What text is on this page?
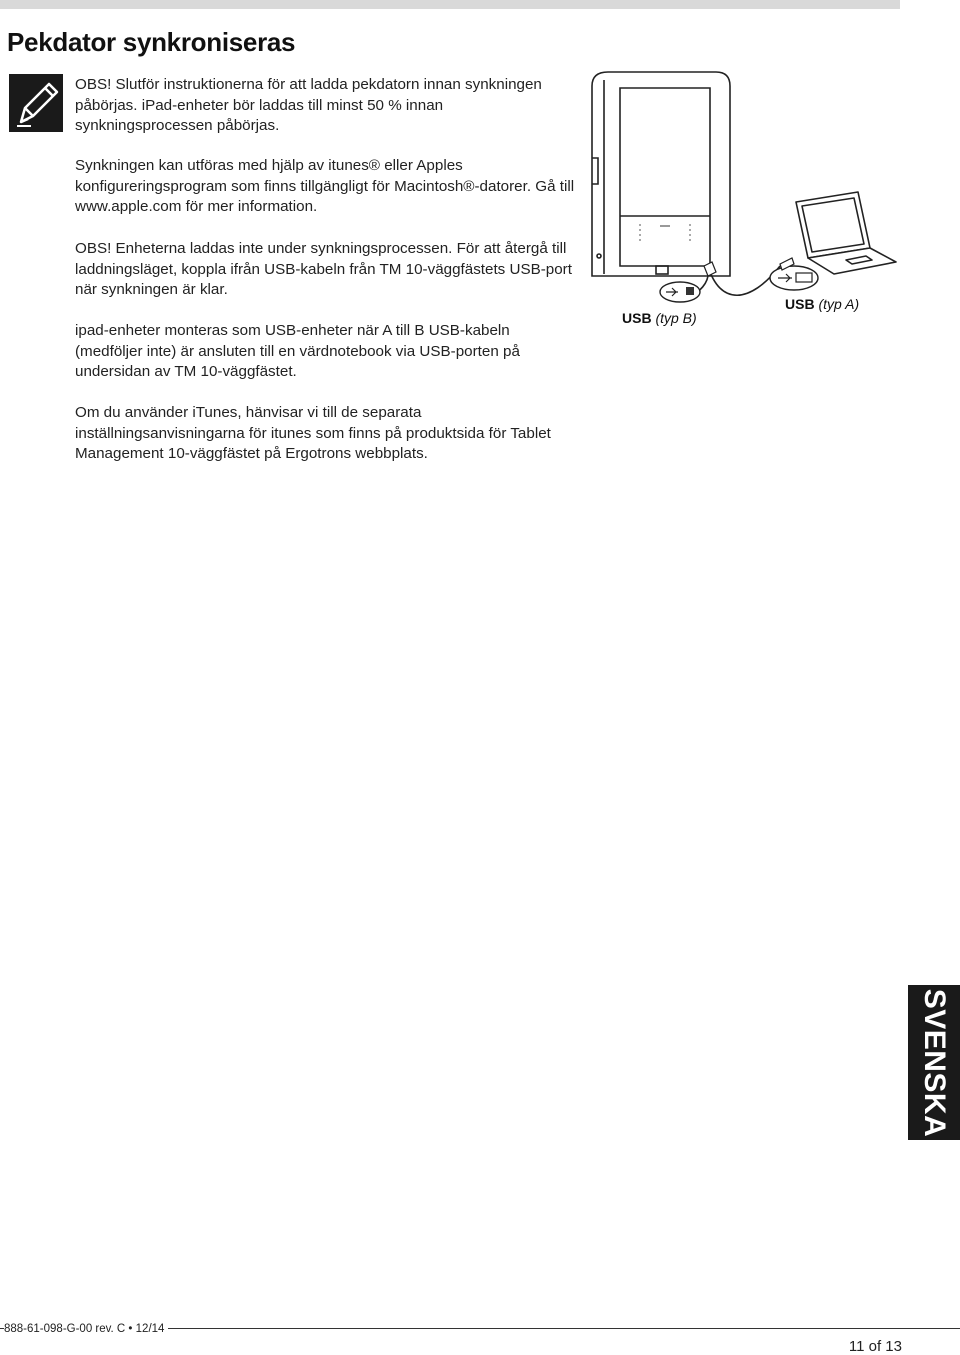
Pekdator synkroniseras

OBS! Slutför instruktionerna för att ladda pekdatorn innan synkningen påbörjas. iPad-enheter bör laddas till minst 50 % innan synkningsprocessen påbörjas.

Synkningen kan utföras med hjälp av itunes® eller Apples konfigureringsprogram som finns tillgängligt för Macintosh®-datorer. Gå till www.apple.com för mer information.

OBS! Enheterna laddas inte under synkningsprocessen. För att återgå till laddningsläget, koppla ifrån USB-kabeln från TM 10-väggfästets USB-port när synkningen är klar.

ipad-enheter monteras som USB-enheter när A till B USB-kabeln (medföljer inte) är ansluten till en värdnotebook via USB-porten på undersidan av TM 10-väggfästet.

Om du använder iTunes, hänvisar vi till de separata inställningsanvisningarna för itunes som finns på produktsida för Tablet Management 10-väggfästet på Ergotrons webbplats.

USB (typ B)
USB (typ A)
SVENSKA
888-61-098-G-00 rev. C • 12/14
11 of 13
